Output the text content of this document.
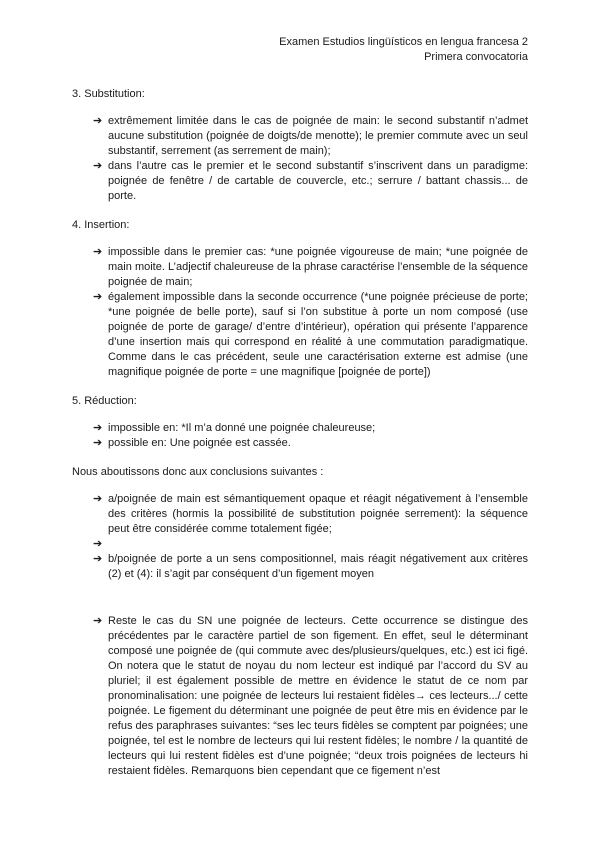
Examen Estudios lingüísticos en lengua francesa 2
Primera convocatoria

3. Substitution:

➔ extrêmement limitée dans le cas de poignée de main: le second substantif n’admet aucune substitution (poignée de doigts/de menotte); le premier commute avec un seul substantif, serrement (as serrement de main);
➔ dans l’autre cas le premier et le second substantif s’inscrivent dans un paradigme: poignée de fenêtre / de cartable de couvercle, etc.; serrure / battant chassis... de porte.

4. Insertion:

➔ impossible dans le premier cas: *une poignée vigoureuse de main; *une poignée de main moite. L’adjectif chaleureuse de la phrase caractérise l’ensemble de la séquence poignée de main;
➔ également impossible dans la seconde occurrence (*une poignée précieuse de porte; *une poignée de belle porte), sauf si l’on substitue à porte un nom composé (use poignée de porte de garage/ d’entre d’intérieur), opération qui présente l’apparence d’une insertion mais qui correspond en réalité à une commutation paradigmatique. Comme dans le cas précédent, seule une caractérisation externe est admise (une magnifique poignée de porte = une magnifique [poignée de porte])

5. Réduction:

➔ impossible en: *Il m’a donné une poignée chaleureuse;
➔ possible en: Une poignée est cassée.

Nous aboutissons donc aux conclusions suivantes :

➔ a/poignée de main est sémantiquement opaque et réagit négativement à l’ensemble des critères (hormis la possibilité de substitution poignée serrement): la séquence peut être considérée comme totalement figée;
➔
➔ b/poignée de porte a un sens compositionnel, mais réagit négativement aux critères (2) et (4): il s’agit par conséquent d’un figement moyen
➔ Reste le cas du SN une poignée de lecteurs. Cette occurrence se distingue des précédentes par le caractère partiel de son figement. En effet, seul le déterminant composé une poignée de (qui commute avec des/plusieurs/quelques, etc.) est ici figé. On notera que le statut de noyau du nom lecteur est indiqué par l’accord du SV au pluriel; il est également possible de mettre en évidence le statut de ce nom par pronominalisation: une poignée de lecteurs lui restaient fidèles→ ces lecteurs.../ cette poignée. Le figement du déterminant une poignée de peut être mis en évidence par le refus des paraphrases suivantes: “ses lec teurs fidèles se comptent par poignées; une poignée, tel est le nombre de lecteurs qui lui restent fidèles; le nombre / la quantité de lecteurs qui lui restent fidèles est d’une poignée; “deux trois poignées de lecteurs hi restaient fidèles. Remarquons bien cependant que ce figement n’est
